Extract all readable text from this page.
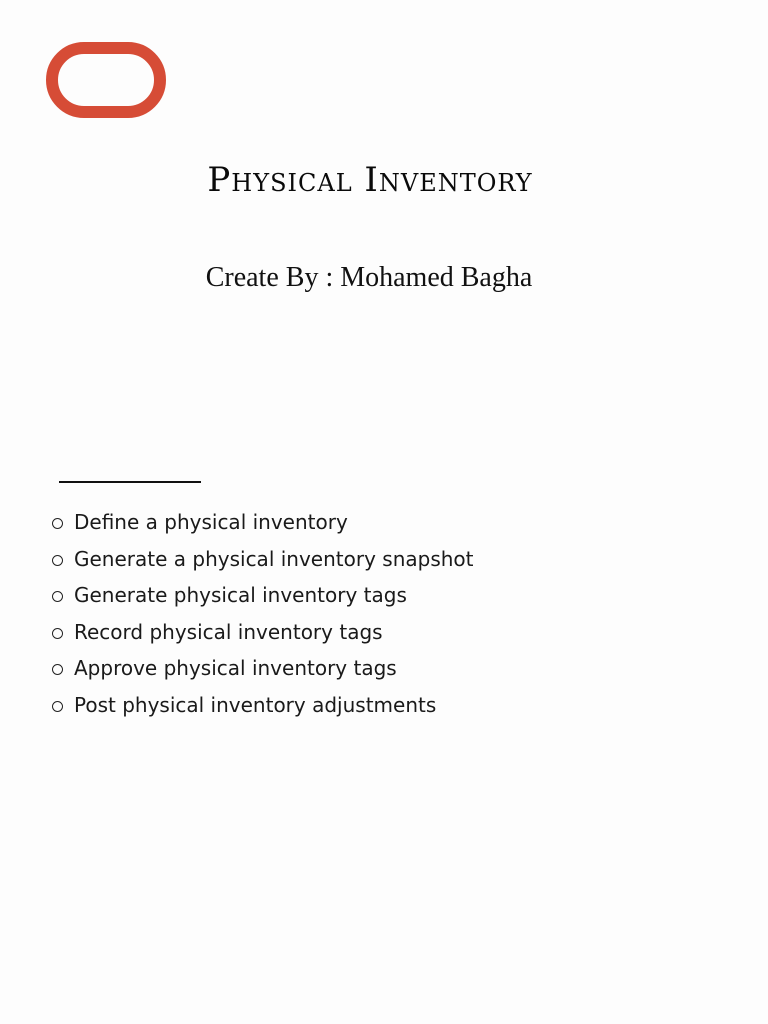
Physical Inventory
Create By : Mohamed Bagha
Define a physical inventory
Generate a physical inventory snapshot
Generate physical inventory tags
Record physical inventory tags
Approve physical inventory tags
Post physical inventory adjustments
